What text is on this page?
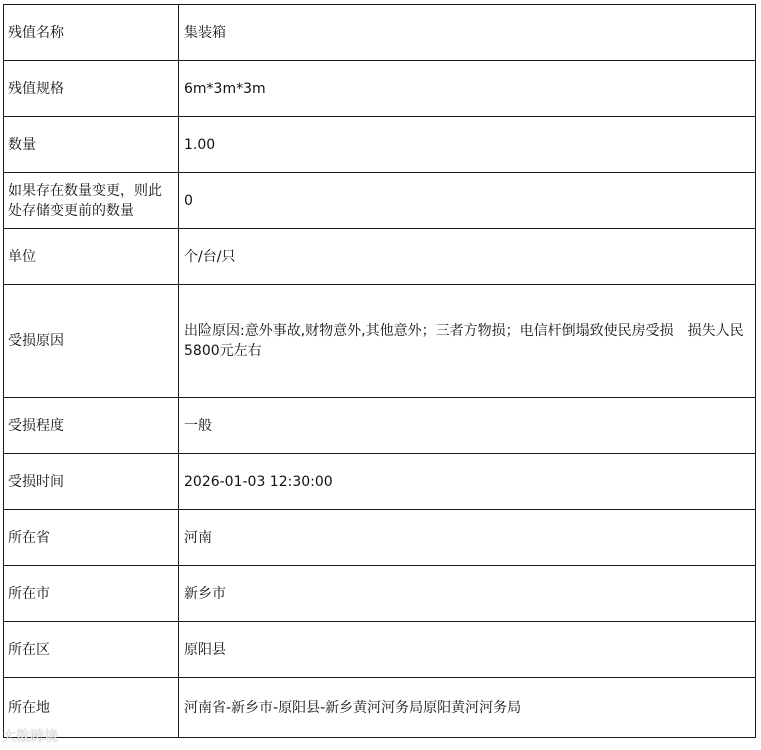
残值名称	集装箱
残值规格	6m*3m*3m
数量	1.00
如果存在数量变更，则此处存储变更前的数量	0
单位	个/台/只
受损原因	出险原因:意外事故,财物意外,其他意外；三者方物损；电信杆倒塌致使民房受损　损失人民5800元左右
受损程度	一般
受损时间	2026-01-03 12:30:00
所在省	河南
所在市	新乡市
所在区	原阳县
所在地	河南省-新乡市-原阳县-新乡黄河河务局原阳黄河河务局
大数跨境
